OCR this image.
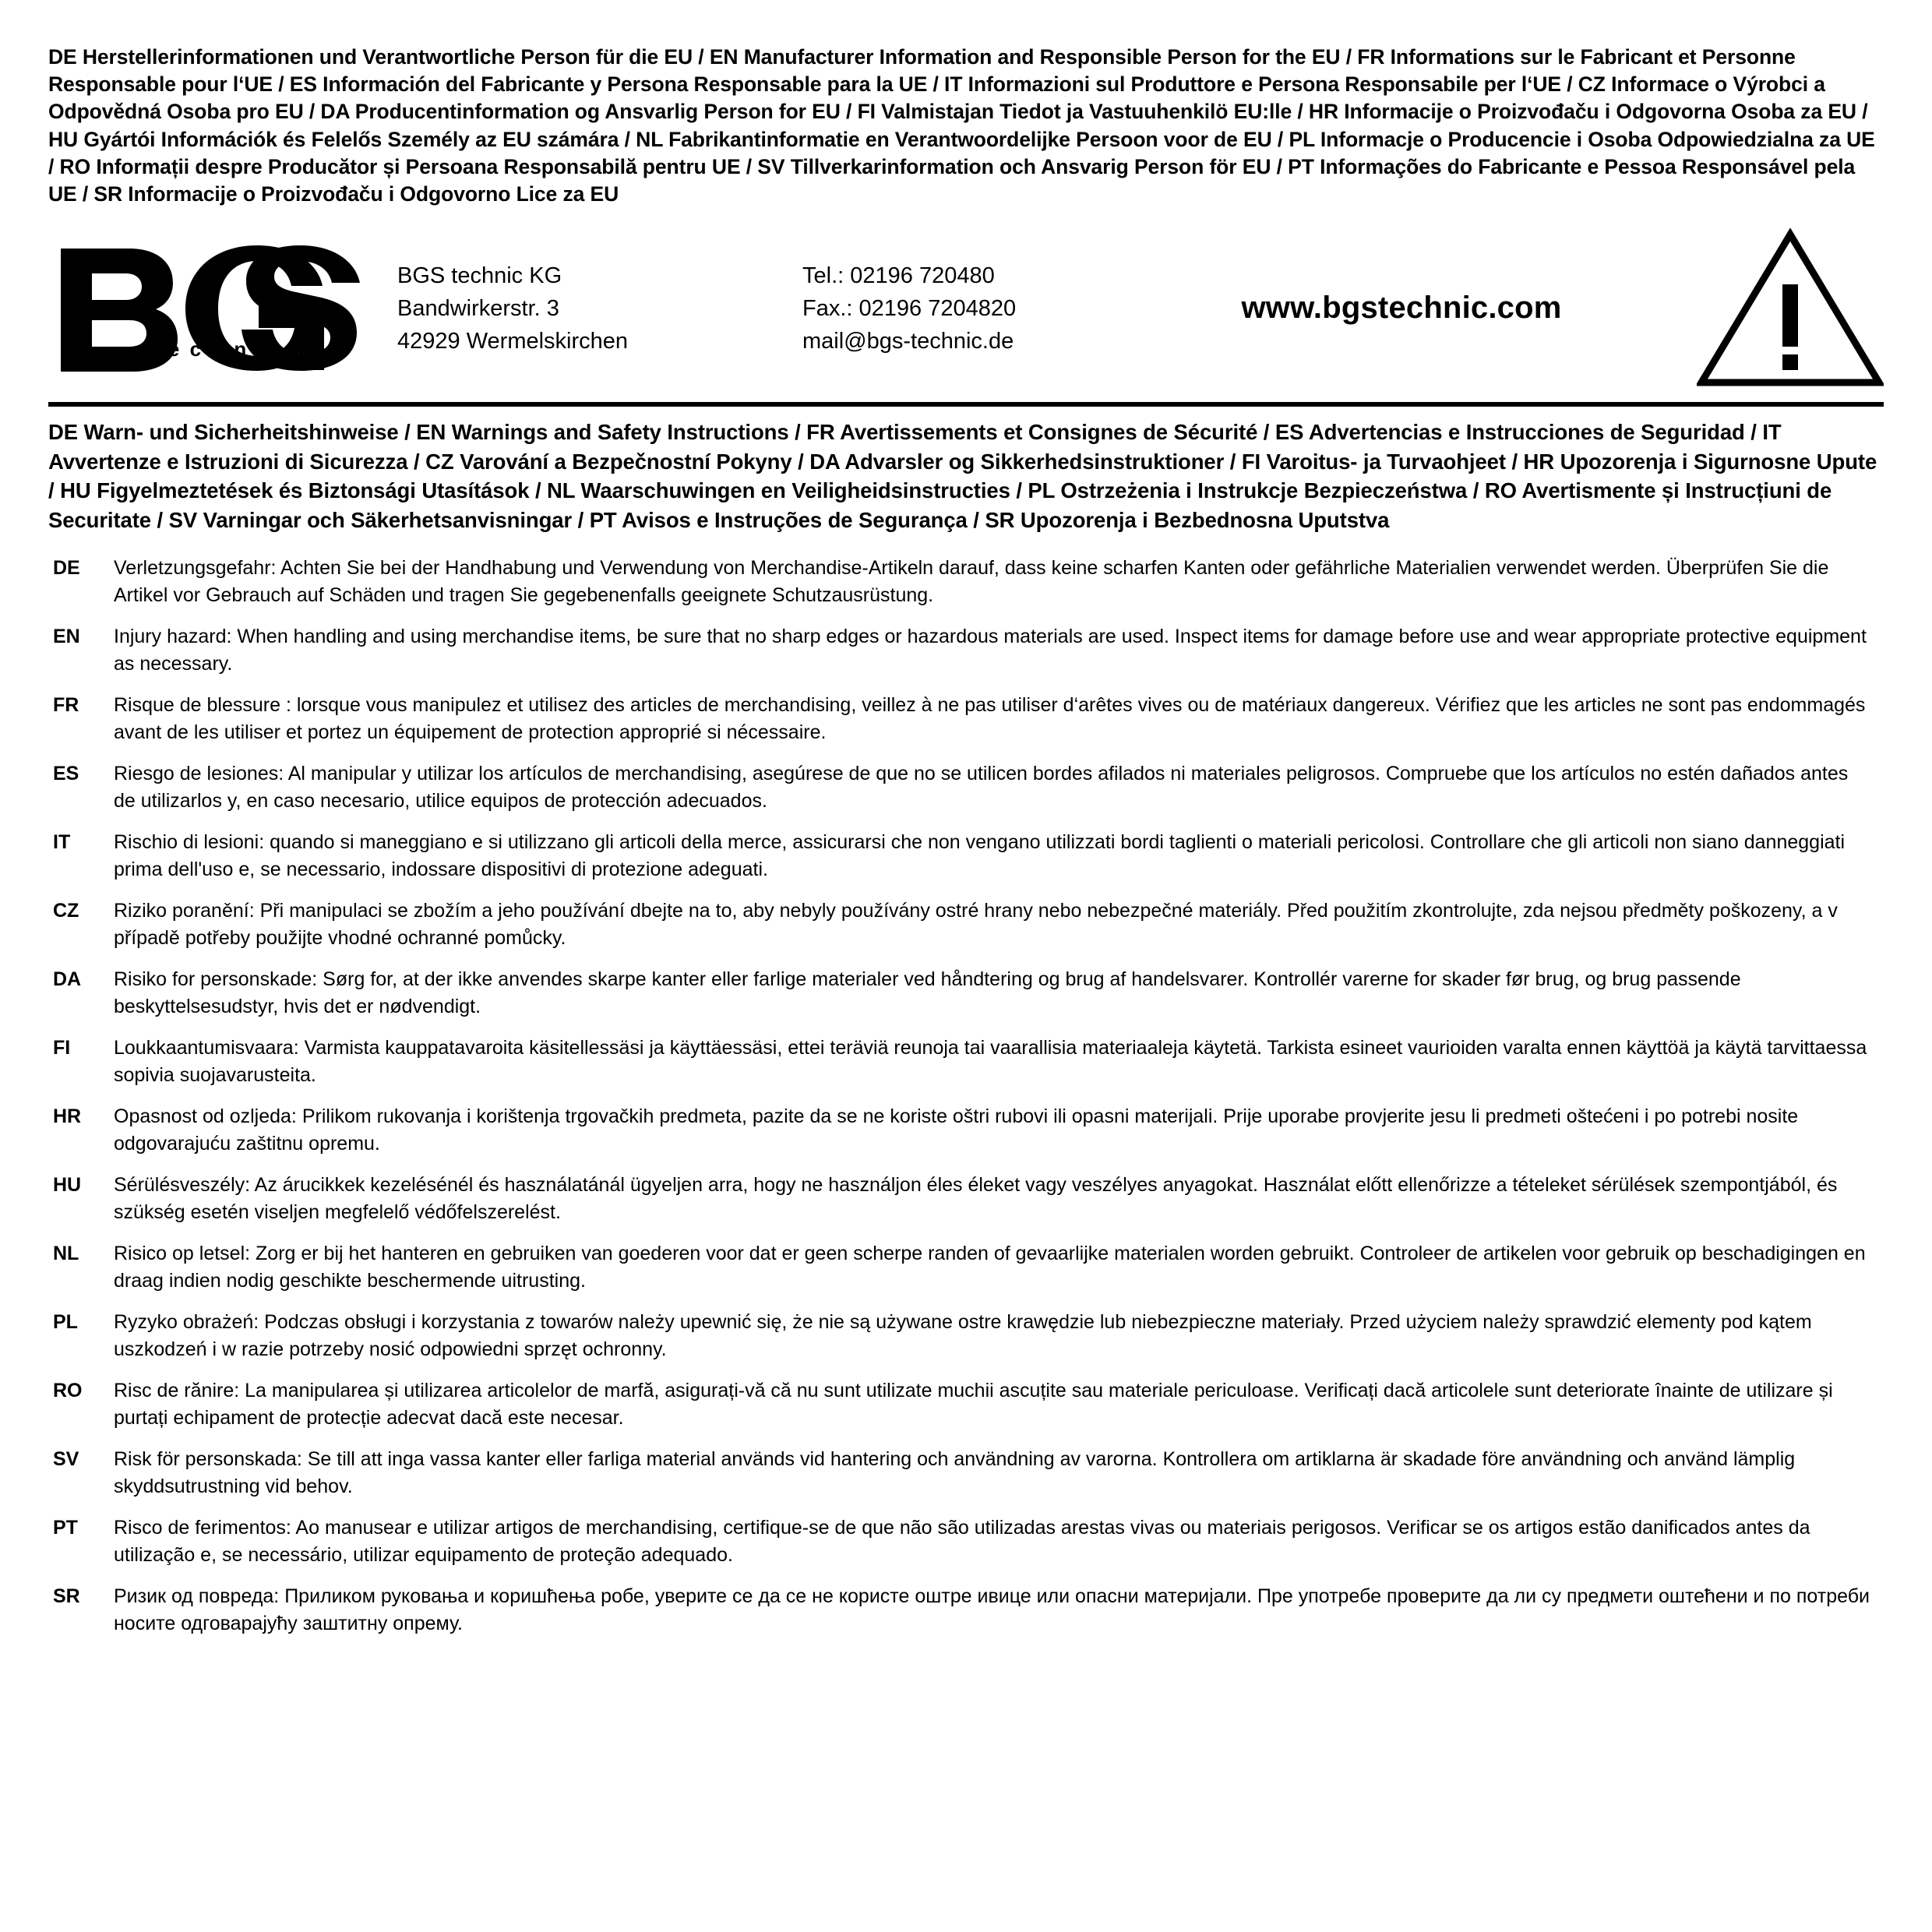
DE Herstellerinformationen und Verantwortliche Person für die EU / EN Manufacturer Information and Responsible Person for the EU / FR Informations sur le Fabricant et Personne Responsable pour l‘UE / ES Información del Fabricante y Persona Responsable para la UE / IT Informazioni sul Produttore e Persona Responsabile per l‘UE / CZ Informace o Výrobci a Odpovědná Osoba pro EU / DA Producentinformation og Ansvarlig Person for EU / FI Valmistajan Tiedot ja Vastuuhenkilö EU:lle / HR Informacije o Proizvođaču i Odgovorna Osoba za EU / HU Gyártói Információk és Felelős Személy az EU számára / NL Fabrikantinformatie en Verantwoordelijke Persoon voor de EU / PL Informacje o Producencie i Osoba Odpowiedzialna za UE / RO Informații despre Producător și Persoana Responsabilă pentru UE / SV Tillverkarinformation och Ansvarig Person för EU / PT Informações do Fabricante e Pessoa Responsável pela UE / SR Informacije o Proizvođaču i Odgovorno Lice za EU
®
t e c h n i c
BGS technic KG
Bandwirkerstr. 3
42929 Wermelskirchen
Tel.: 02196 720480
Fax.: 02196 7204820
mail@bgs-technic.de
www.bgstechnic.com
DE Warn- und Sicherheitshinweise / EN Warnings and Safety Instructions / FR Avertissements et Consignes de Sécurité / ES Advertencias e Instrucciones de Seguridad / IT Avvertenze e Istruzioni di Sicurezza / CZ Varování a Bezpečnostní Pokyny / DA Advarsler og Sikkerhedsinstruktioner / FI Varoitus- ja Turvaohjeet / HR Upozorenja i Sigurnosne Upute / HU Figyelmeztetések és Biztonsági Utasítások / NL Waarschuwingen en Veiligheidsinstructies / PL Ostrzeżenia i Instrukcje Bezpieczeństwa / RO Avertismente și Instrucțiuni de Securitate / SV Varningar och Säkerhetsanvisningar / PT Avisos e Instruções de Segurança / SR Upozorenja i Bezbednosna Uputstva
DE	Verletzungsgefahr: Achten Sie bei der Handhabung und Verwendung von Merchandise-Artikeln darauf, dass keine scharfen Kanten oder gefährliche Materialien verwendet werden. Überprüfen Sie die Artikel vor Gebrauch auf Schäden und tragen Sie gegebenenfalls geeignete Schutzausrüstung.
EN	Injury hazard: When handling and using merchandise items, be sure that no sharp edges or hazardous materials are used. Inspect items for damage before use and wear appropriate protective equipment as necessary.
FR	Risque de blessure : lorsque vous manipulez et utilisez des articles de merchandising, veillez à ne pas utiliser d‘arêtes vives ou de matériaux dangereux. Vérifiez que les articles ne sont pas endommagés avant de les utiliser et portez un équipement de protection approprié si nécessaire.
ES	Riesgo de lesiones: Al manipular y utilizar los artículos de merchandising, asegúrese de que no se utilicen bordes afilados ni materiales peligrosos. Compruebe que los artículos no estén dañados antes de utilizarlos y, en caso necesario, utilice equipos de protección adecuados.
IT	Rischio di lesioni: quando si maneggiano e si utilizzano gli articoli della merce, assicurarsi che non vengano utilizzati bordi taglienti o materiali pericolosi. Controllare che gli articoli non siano danneggiati prima dell'uso e, se necessario, indossare dispositivi di protezione adeguati.
CZ	Riziko poranění: Při manipulaci se zbožím a jeho používání dbejte na to, aby nebyly používány ostré hrany nebo nebezpečné materiály. Před použitím zkontrolujte, zda nejsou předměty poškozeny, a v případě potřeby použijte vhodné ochranné pomůcky.
DA	Risiko for personskade: Sørg for, at der ikke anvendes skarpe kanter eller farlige materialer ved håndtering og brug af handelsvarer. Kontrollér varerne for skader før brug, og brug passende beskyttelsesudstyr, hvis det er nødvendigt.
FI	Loukkaantumisvaara: Varmista kauppatavaroita käsitellessäsi ja käyttäessäsi, ettei teräviä reunoja tai vaarallisia materiaaleja käytetä. Tarkista esineet vaurioiden varalta ennen käyttöä ja käytä tarvittaessa sopivia suojavarusteita.
HR	Opasnost od ozljeda: Prilikom rukovanja i korištenja trgovačkih predmeta, pazite da se ne koriste oštri rubovi ili opasni materijali. Prije uporabe provjerite jesu li predmeti oštećeni i po potrebi nosite odgovarajuću zaštitnu opremu.
HU	Sérülésveszély: Az árucikkek kezelésénél és használatánál ügyeljen arra, hogy ne használjon éles éleket vagy veszélyes anyagokat. Használat előtt ellenőrizze a tételeket sérülések szempontjából, és szükség esetén viseljen megfelelő védőfelszerelést.
NL	Risico op letsel: Zorg er bij het hanteren en gebruiken van goederen voor dat er geen scherpe randen of gevaarlijke materialen worden gebruikt. Controleer de artikelen voor gebruik op beschadigingen en draag indien nodig geschikte beschermende uitrusting.
PL	Ryzyko obrażeń: Podczas obsługi i korzystania z towarów należy upewnić się, że nie są używane ostre krawędzie lub niebezpieczne materiały. Przed użyciem należy sprawdzić elementy pod kątem uszkodzeń i w razie potrzeby nosić odpowiedni sprzęt ochronny.
RO	Risc de rănire: La manipularea și utilizarea articolelor de marfă, asigurați-vă că nu sunt utilizate muchii ascuțite sau materiale periculoase. Verificați dacă articolele sunt deteriorate înainte de utilizare și purtați echipament de protecție adecvat dacă este necesar.
SV	Risk för personskada: Se till att inga vassa kanter eller farliga material används vid hantering och användning av varorna. Kontrollera om artiklarna är skadade före användning och använd lämplig skyddsutrustning vid behov.
PT	Risco de ferimentos: Ao manusear e utilizar artigos de merchandising, certifique-se de que não são utilizadas arestas vivas ou materiais perigosos. Verificar se os artigos estão danificados antes da utilização e, se necessário, utilizar equipamento de proteção adequado.
SR	Ризик од повреда: Приликом руковања и коришћења робе, уверите се да се не користе оштре ивице или опасни материјали. Пре употребе проверите да ли су предмети оштећени и по потреби носите одговарајућу заштитну опрему.
